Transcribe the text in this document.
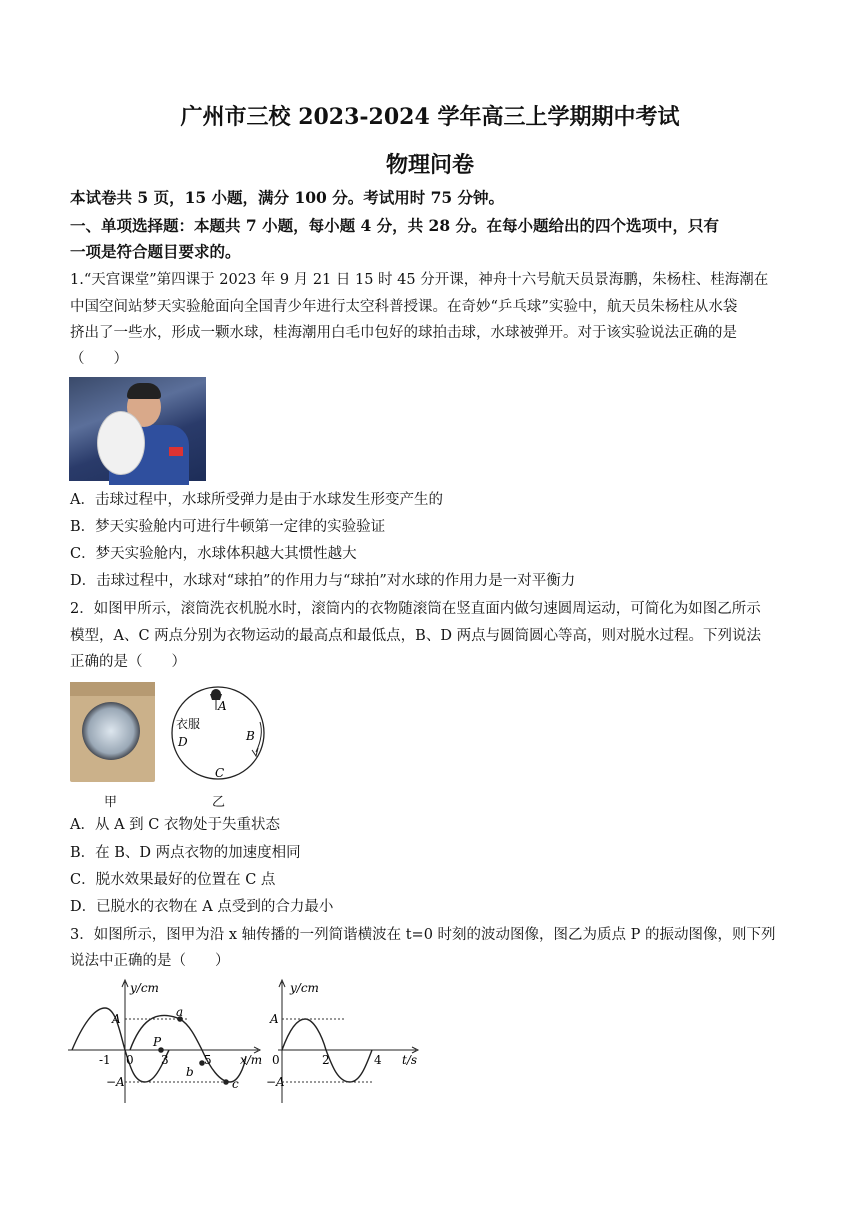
广州市三校 2023-2024 学年高三上学期期中考试
物理问卷
本试卷共 5 页，15 小题，满分 100 分。考试用时 75 分钟。
一、单项选择题：本题共 7 小题，每小题 4 分，共 28 分。在每小题给出的四个选项中，只有
一项是符合题目要求的。
1.“天宫课堂”第四课于 2023 年 9 月 21 日 15 时 45 分开课，神舟十六号航天员景海鹏，朱杨柱、桂海潮在
中国空间站梦天实验舱面向全国青少年进行太空科普授课。在奇妙“乒乓球”实验中，航天员朱杨柱从水袋
挤出了一些水，形成一颗水球，桂海潮用白毛巾包好的球拍击球，水球被弹开。对于该实验说法正确的是
（　　）
A．击球过程中，水球所受弹力是由于水球发生形变产生的
B．梦天实验舱内可进行牛顿第一定律的实验验证
C．梦天实验舱内，水球体积越大其惯性越大
D．击球过程中，水球对“球拍”的作用力与“球拍”对水球的作用力是一对平衡力
2．如图甲所示，滚筒洗衣机脱水时，滚筒内的衣物随滚筒在竖直面内做匀速圆周运动，可简化为如图乙所示
模型，A、C 两点分别为衣物运动的最高点和最低点，B、D 两点与圆筒圆心等高，则对脱水过程。下列说法
正确的是（　　）
甲
衣服
A
B
C
D
乙
A．从 A 到 C 衣物处于失重状态
B．在 B、D 两点衣物的加速度相同
C．脱水效果最好的位置在 C 点
D．已脱水的衣物在 A 点受到的合力最小
3．如图所示，图甲为沿 x 轴传播的一列简谐横波在 t=0 时刻的波动图像，图乙为质点 P 的振动图像，则下列
说法中正确的是（　　）
y/cm
x/m
A
−A
-1 0 3	5
a
P
b
c
y/cm
t/s
A
−A
0	2	4
